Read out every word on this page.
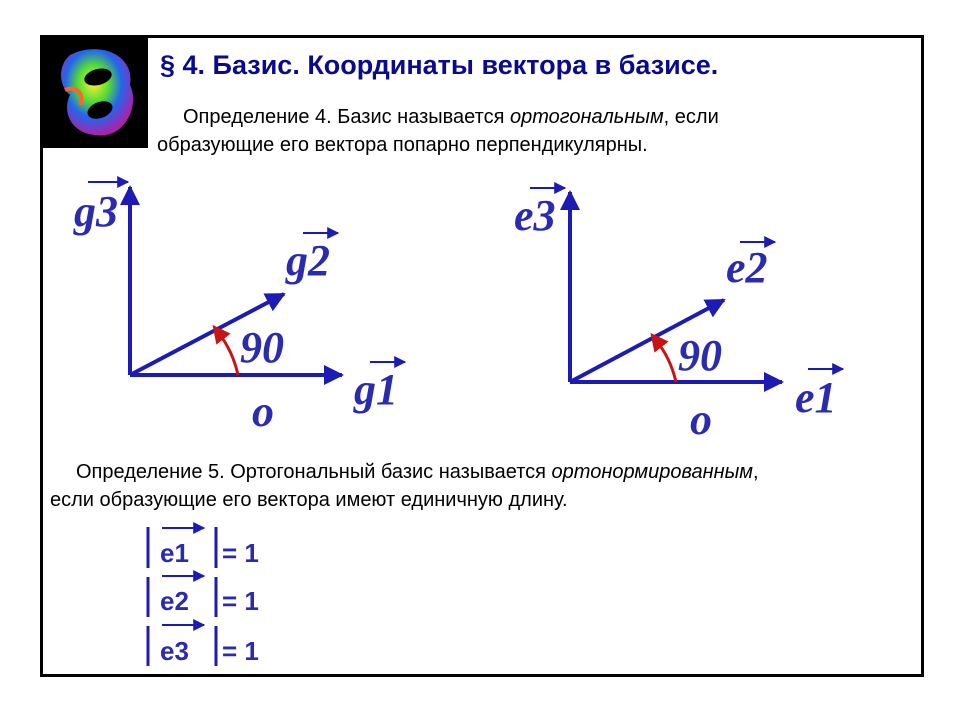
§ 4. Базис. Координаты вектора в базисе.

Определение 4. Базис называется ортогональным, если
образующие его вектора попарно перпендикулярны.

90
o
g3
g2
g1
90
o
e3
e2
e1
e1 = 1
e2 = 1
e3 = 1

Определение 5. Ортогональный базис называется ортонормированным,
если образующие его вектора имеют единичную длину.
